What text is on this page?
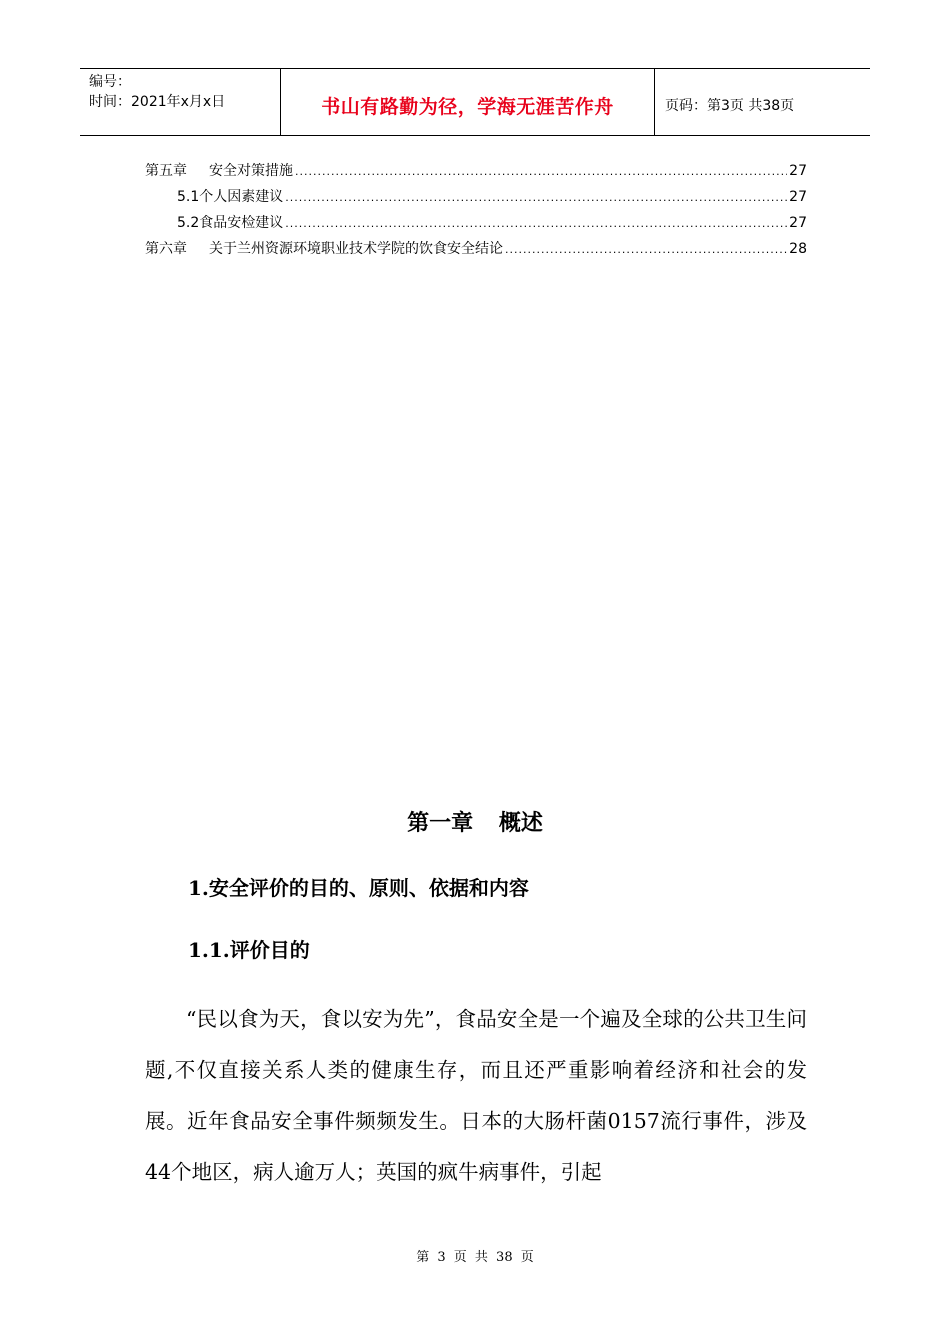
编号：
时间：2021年x月x日	书山有路勤为径，学海无涯苦作舟	页码：第3页 共38页
第五章 安全对策措施 .....	27
5.1个人因素建议 .....	27
5.2食品安检建议 .....	27
第六章 关于兰州资源环境职业技术学院的饮食安全结论 .....	28
第一章 概述
1.安全评价的目的、原则、依据和内容
1.1.评价目的

“民以食为天，食以安为先”，食品安全是一个遍及全球的公共卫生问题,不仅直接关系人类的健康生存，而且还严重影响着经济和社会的发展。近年食品安全事件频频发生。日本的大肠杆菌0157流行事件，涉及44个地区，病人逾万人；英国的疯牛病事件，引起

第 3 页 共 38 页
